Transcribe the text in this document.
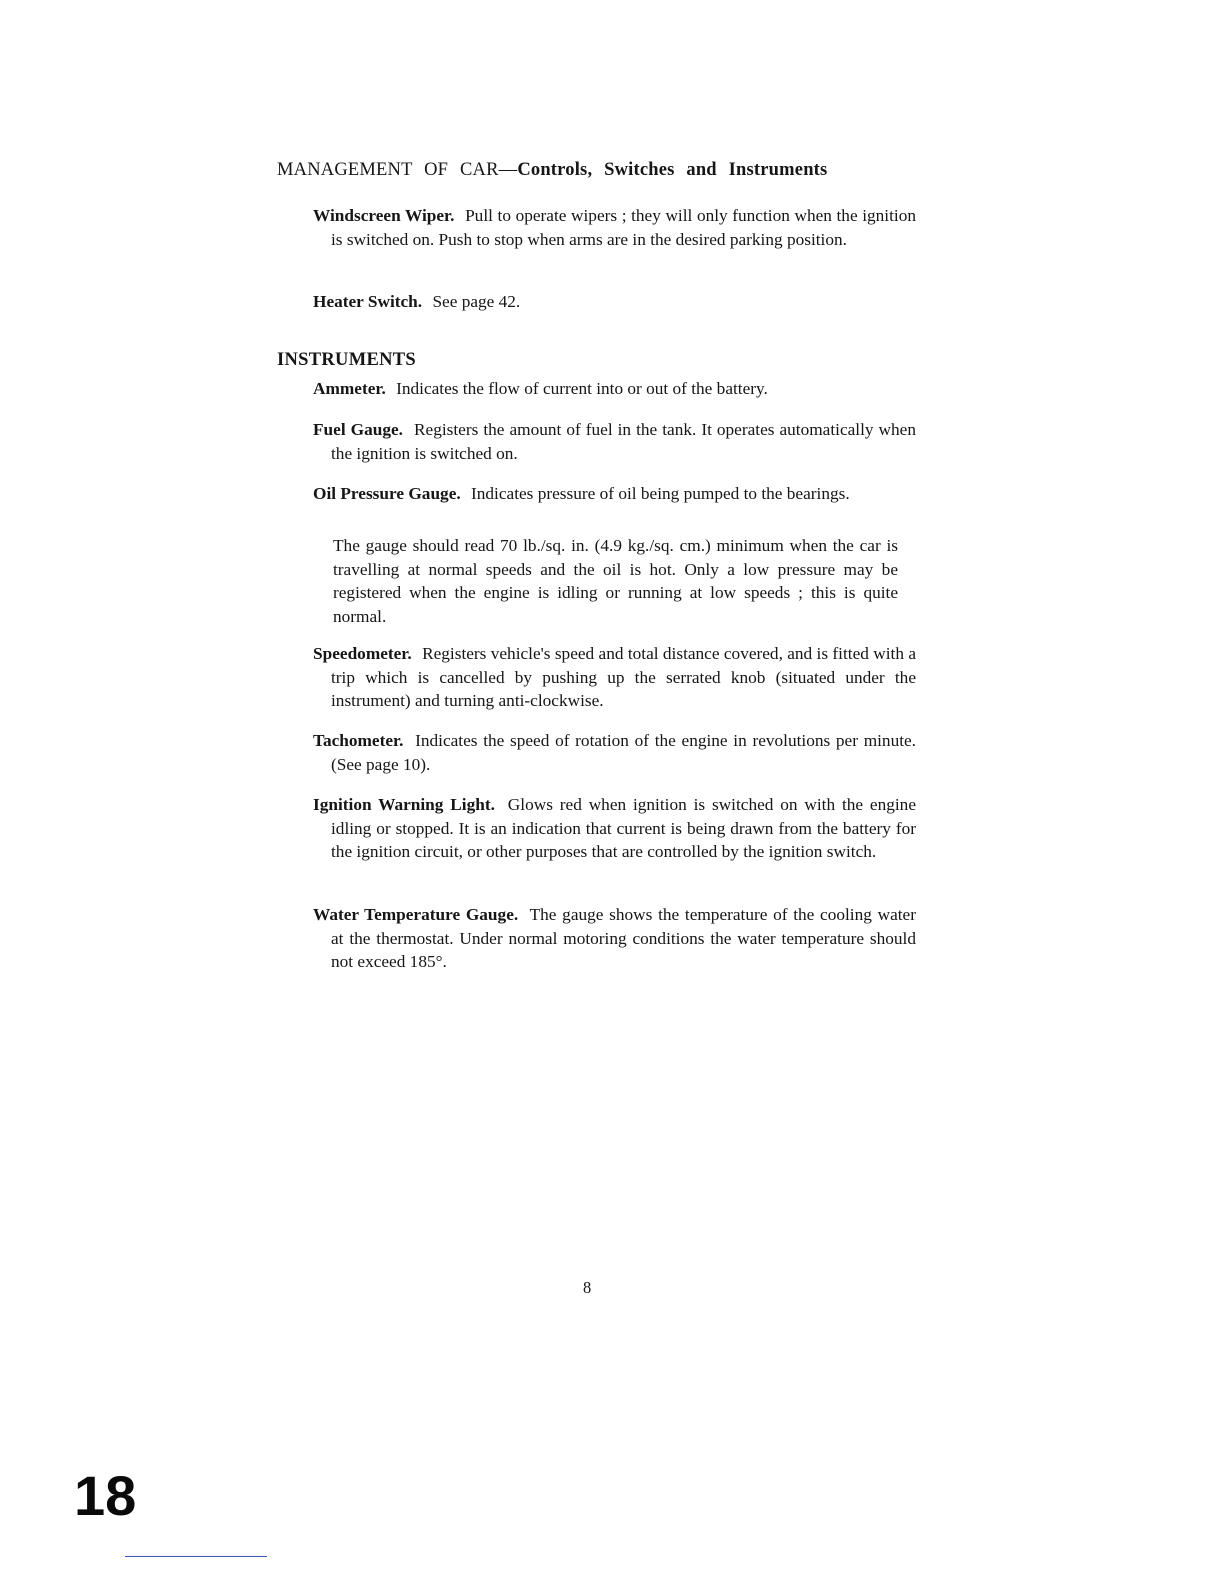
MANAGEMENT OF CAR—Controls, Switches and Instruments

Windscreen Wiper. Pull to operate wipers ; they will only function when the ignition is switched on. Push to stop when arms are in the desired parking position.

Heater Switch. See page 42.

INSTRUMENTS

Ammeter. Indicates the flow of current into or out of the battery.

Fuel Gauge. Registers the amount of fuel in the tank. It operates automatically when the ignition is switched on.

Oil Pressure Gauge. Indicates pressure of oil being pumped to the bearings.

The gauge should read 70 lb./sq. in. (4.9 kg./sq. cm.) minimum when the car is travelling at normal speeds and the oil is hot. Only a low pressure may be registered when the engine is idling or running at low speeds ; this is quite normal.

Speedometer. Registers vehicle's speed and total distance covered, and is fitted with a trip which is cancelled by pushing up the serrated knob (situated under the instrument) and turning anti-clockwise.

Tachometer. Indicates the speed of rotation of the engine in revolutions per minute. (See page 10).

Ignition Warning Light. Glows red when ignition is switched on with the engine idling or stopped. It is an indication that current is being drawn from the battery for the ignition circuit, or other purposes that are controlled by the ignition switch.

Water Temperature Gauge. The gauge shows the temperature of the cooling water at the thermostat. Under normal motoring conditions the water temperature should not exceed 185°.

8
18
